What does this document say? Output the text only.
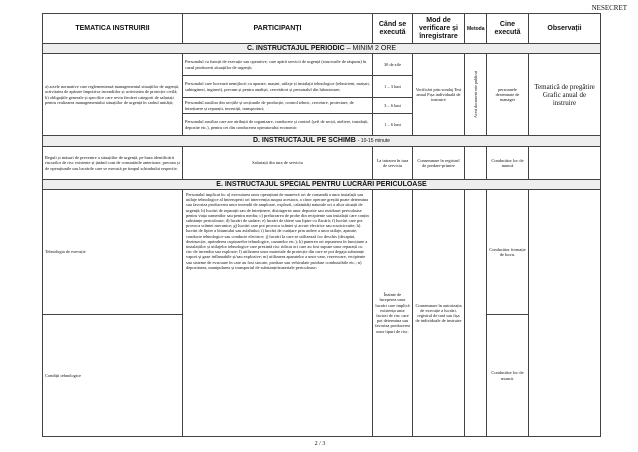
NESECRET
TEMATICA INSTRUIRII	PARTICIPANȚI	Când se execută	Mod de verificare și înregistrare	Metoda	Cine execută	Observații
C. INSTRUCTAJUL PERIODIC – MINIM 2 ORE						
a) actele normative care reglementează managementul situațiilor de urgență, activitatea de apărare împotriva incendiilor și activitatea de protecție civilă; b) obligațiile generale și specifice care revin fiecărei categorii de salariați pentru realizarea managementului situațiilor de urgență în cadrul unității;	Personalul cu funcții de execuție sau operative, care apără servicii de urgență (structurile de răspuns) în cazul producerii situațiilor de urgență;	30 de zile	Verificări prin sondaj Test anual Fișa individuală de instruire	Acest document este publicat	persoanele desemnate de manager	Tematică de pregătire Grafic anual de instruire
	Personalul care lucrează nemijlocit cu aparate, mașini, utilaje și instalații tehnologice (tehnicieni, maiștri, subingineri, ingineri), precum și pentru analiști, cercetători și personalul din laboratoare;	1 – 3 luni				
	Personalul auxiliar din secțiile și secțiunile de producție, control tehnic, cercetare, proiectare, de întreținere și reparații, investiții, transporturi;	3 – 6 luni				
	Personalul auxiliar care are atribuții de organizare, conducere și control (șefi de secții, ateliere, instalații, depozite etc.), pentru cei din conducerea operatorului economic	1 – 6 luni				
D. INSTRUCTAJUL PE SCHIMB - 10-15 minute						
Reguli și măsuri de prevenire a situațiilor de urgență, pe baza identificării riscurilor de risc existente și ținând cont de constatările anterioare, precum și de operațiunile sau lucrările care se execută pe timpul schimbului respectiv.	Salariații din tura de serviciu	La intrarea în tura de serviciu	Consemnare în registrul de predare-primire		Conducător loc de muncă	
E. INSTRUCTAJUL SPECIAL PENTRU LUCRĂRI PERICULOASE						
Tehnologia de execuție	Personalul implicat în: a) executarea unor operațiuni de manevră ori de comandă a unor instalații sau utilaje tehnologice al întreruperii ori intervenția asupra acestora, a căror operare greșită poate determina sau favoriza producerea unor incendii de amploare, explozii, calamități naturale ori a altor situații de urgență; b) lucrări de reparații sau de întreținere, distrugerea unor depozite sau reziduuri periculoase pentru viața oamenilor sau pentru mediu; c) prelucrarea de probe din recipiente sau instalații care conțin substanțe periculoase; d) lucrări de sudare; e) lucrări de tăiere sau lipire cu flacără; f) lucrări care pot provoca scântei mecanice; g) lucrări care pot provoca scântei și arcuri electrice sau scurtcircuite; h) lucrări de lipire a bitumului sau asfaltului; i) lucrări de curățare prin ardere a unor utilaje, aparate, conducte tehnologice sau conducte electrice; j) lucrări la care se utilizează foc deschis (decapări, dezinsecție, aprinderea cuptoarelor tehnologice, cazanelor etc.); k) punerea ori repunerea în funcțiune a instalațiilor și utilajelor tehnologice care prezintă risc ridicat ori care au fost supuse unor reparații cu risc de incendiu sau explozie; l) utilizarea unor materiale de protecție din care se pot degaja substanțe vapori și gaze inflamabile și/sau explozive; m) utilizarea aparatelor a unor vase, rezervoare, recipiente sau sisteme de evacuare în care au fost stocate, produse sau vehiculate produse combustibile etc.; n) depozitarea, manipularea și transportul de substanțe/materiale periculoase;	Înainte de începerea unor lucrări care implică existența unor factori de risc care pot determina sau favoriza producerea unor tipuri de risc.	Consemnare în autorizația de execuție a lucrări, registrul de tură sau fișa de individuale de instruire		Conducător formație de lucru.	
Condiții tehnologice					Conducător loc de muncă.	
2 / 3
